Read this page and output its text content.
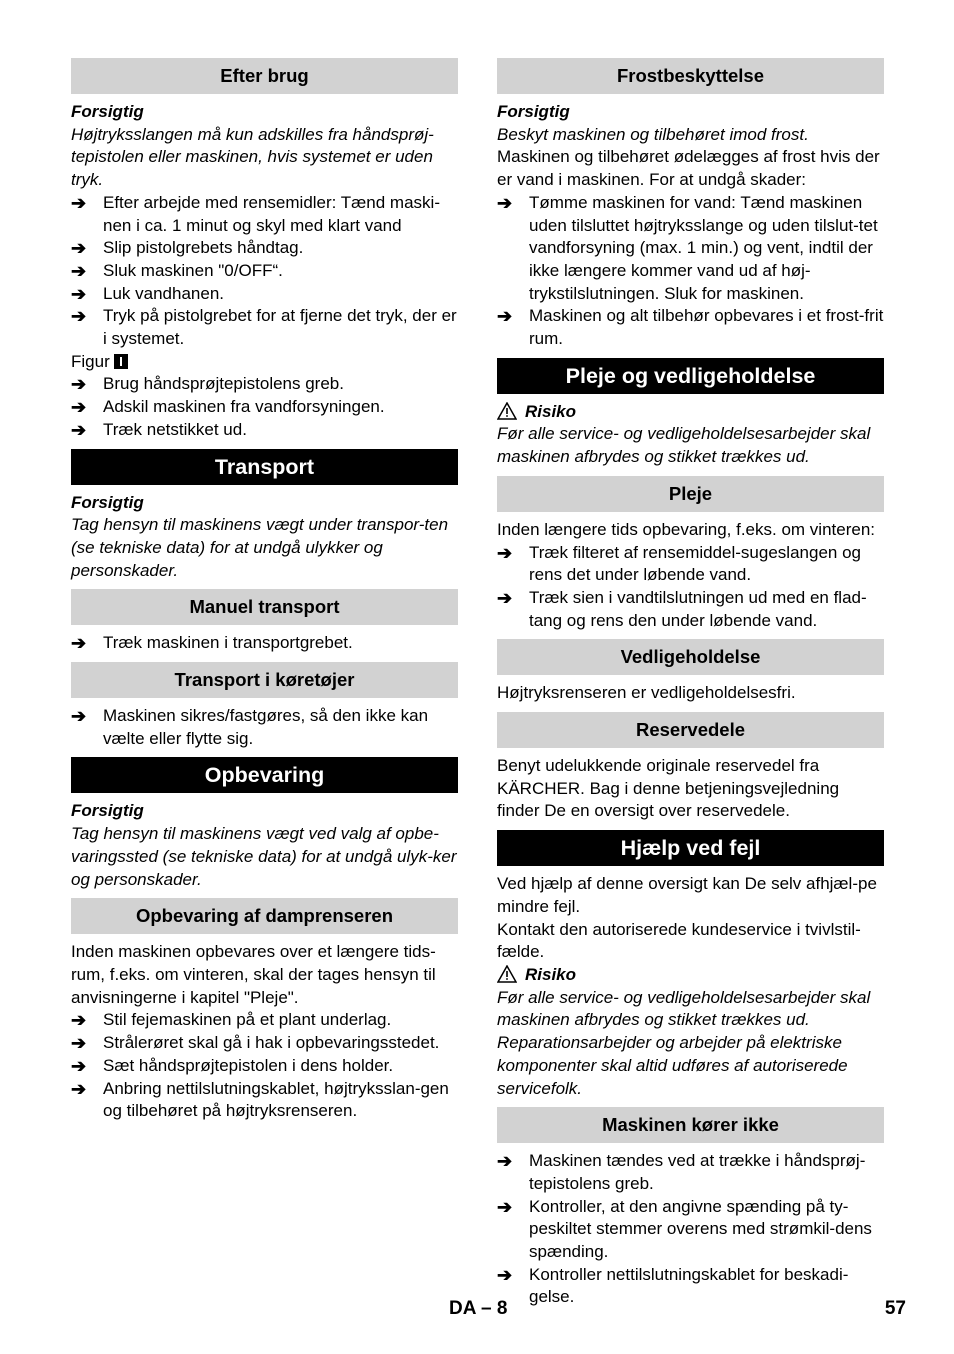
Efter brug

Forsigtig

Højtryksslangen må kun adskilles fra håndsprøj-tepistolen eller maskinen, hvis systemet er uden tryk.

➔ Efter arbejde med rensemidler: Tænd maski-nen i ca. 1 minut og skyl med klart vand
➔ Slip pistolgrebets håndtag.
➔ Sluk maskinen "0/OFF“.
➔ Luk vandhanen.
➔ Tryk på pistolgrebet for at fjerne det tryk, der er i systemet.

Figur

➔ Brug håndsprøjtepistolens greb.
➔ Adskil maskinen fra vandforsyningen.
➔ Træk netstikket ud.
Transport

Forsigtig

Tag hensyn til maskinens vægt under transpor-ten (se tekniske data) for at undgå ulykker og personskader.

Manuel transport
➔ Træk maskinen i transportgrebet.
Transport i køretøjer
➔ Maskinen sikres/fastgøres, så den ikke kan vælte eller flytte sig.
Opbevaring

Forsigtig

Tag hensyn til maskinens vægt ved valg af opbe-varingssted (se tekniske data) for at undgå ulyk-ker og personskader.

Opbevaring af damprenseren

Inden maskinen opbevares over et længere tids-rum, f.eks. om vinteren, skal der tages hensyn til anvisningerne i kapitel "Pleje".

➔ Stil fejemaskinen på et plant underlag.
➔ Strålerøret skal gå i hak i opbevaringsstedet.
➔ Sæt håndsprøjtepistolen i dens holder.
➔ Anbring nettilslutningskablet, højtryksslan-gen og tilbehøret på højtryksrenseren.
Frostbeskyttelse

Forsigtig

Beskyt maskinen og tilbehøret imod frost.

Maskinen og tilbehøret ødelægges af frost hvis der er vand i maskinen. For at undgå skader:

➔ Tømme maskinen for vand: Tænd maskinen uden tilsluttet højtryksslange og uden tilslut-tet vandforsyning (max. 1 min.) og vent, indtil der ikke længere kommer vand ud af høj-trykstilslutningen. Sluk for maskinen.
➔ Maskinen og alt tilbehør opbevares i et frost-frit rum.
Pleje og vedligeholdelse

Risiko

Før alle service- og vedligeholdelsesarbejder skal maskinen afbrydes og stikket trækkes ud.

Pleje

Inden længere tids opbevaring, f.eks. om vinteren:

➔ Træk filteret af rensemiddel-sugeslangen og rens det under løbende vand.
➔ Træk sien i vandtilslutningen ud med en flad-tang og rens den under løbende vand.
Vedligeholdelse

Højtryksrenseren er vedligeholdelsesfri.

Reservedele

Benyt udelukkende originale reservedel fra KÄRCHER. Bag i denne betjeningsvejledning finder De en oversigt over reservedele.

Hjælp ved fejl

Ved hjælp af denne oversigt kan De selv afhjæl-pe mindre fejl.

Kontakt den autoriserede kundeservice i tvivlstil-fælde.

Risiko

Før alle service- og vedligeholdelsesarbejder skal maskinen afbrydes og stikket trækkes ud. Reparationsarbejder og arbejder på elektriske komponenter skal altid udføres af autoriserede servicefolk.

Maskinen kører ikke
➔ Maskinen tændes ved at trække i håndsprøj-tepistolens greb.
➔ Kontroller, at den angivne spænding på ty-peskiltet stemmer overens med strømkil-dens spænding.
➔ Kontroller nettilslutningskablet for beskadi-gelse.
DA – 8	57
